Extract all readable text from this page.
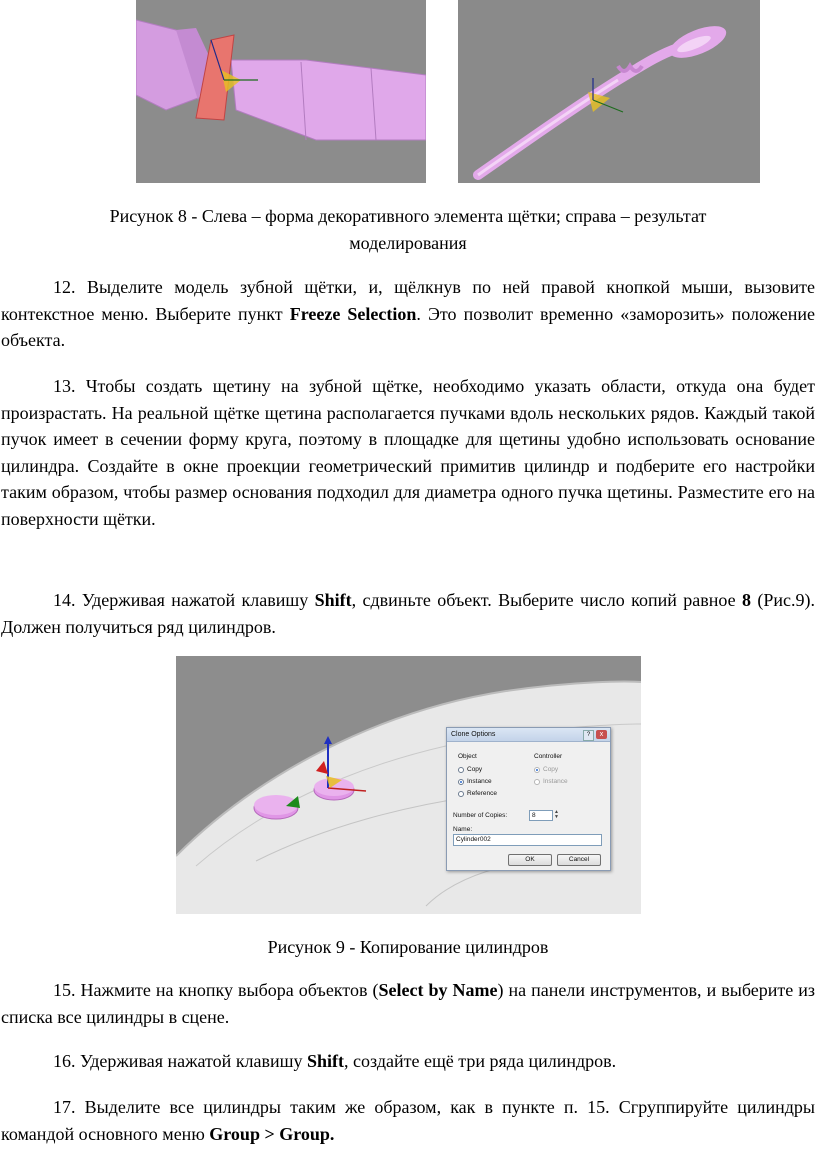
Рисунок 8 - Слева – форма декоративного элемента щётки; справа – результат
моделирования

12. Выделите модель зубной щётки, и, щёлкнув по ней правой кнопкой мыши, вызовите контекстное меню. Выберите пункт Freeze Selection. Это позволит временно «заморозить» положение объекта.

13. Чтобы создать щетину на зубной щётке, необходимо указать области, откуда она будет произрастать. На реальной щётке щетина располагается пучками вдоль нескольких рядов. Каждый такой пучок имеет в сечении форму круга, поэтому в площадке для щетины удобно использовать основание цилиндра. Создайте в окне проекции геометрический примитив цилиндр и подберите его настройки таким образом, чтобы размер основания подходил для диаметра одного пучка щетины. Разместите его на поверхности щётки.

14. Удерживая нажатой клавишу Shift, сдвиньте объект. Выберите число копий равное 8 (Рис.9). Должен получиться ряд цилиндров.

Clone Options	?	x
Object	Controller
Copy
Instance
Reference
Copy
Instance
Number of Copies:	8	▲
▼
Name:
Cylinder002
OK	Cancel
Рисунок 9 - Копирование цилиндров

15. Нажмите на кнопку выбора объектов (Select by Name) на панели инструментов, и выберите из списка все цилиндры в сцене.

16. Удерживая нажатой клавишу Shift, создайте ещё три ряда цилиндров.

17. Выделите все цилиндры таким же образом, как в пункте п. 15. Сгруппируйте цилиндры командой основного меню Group > Group.
